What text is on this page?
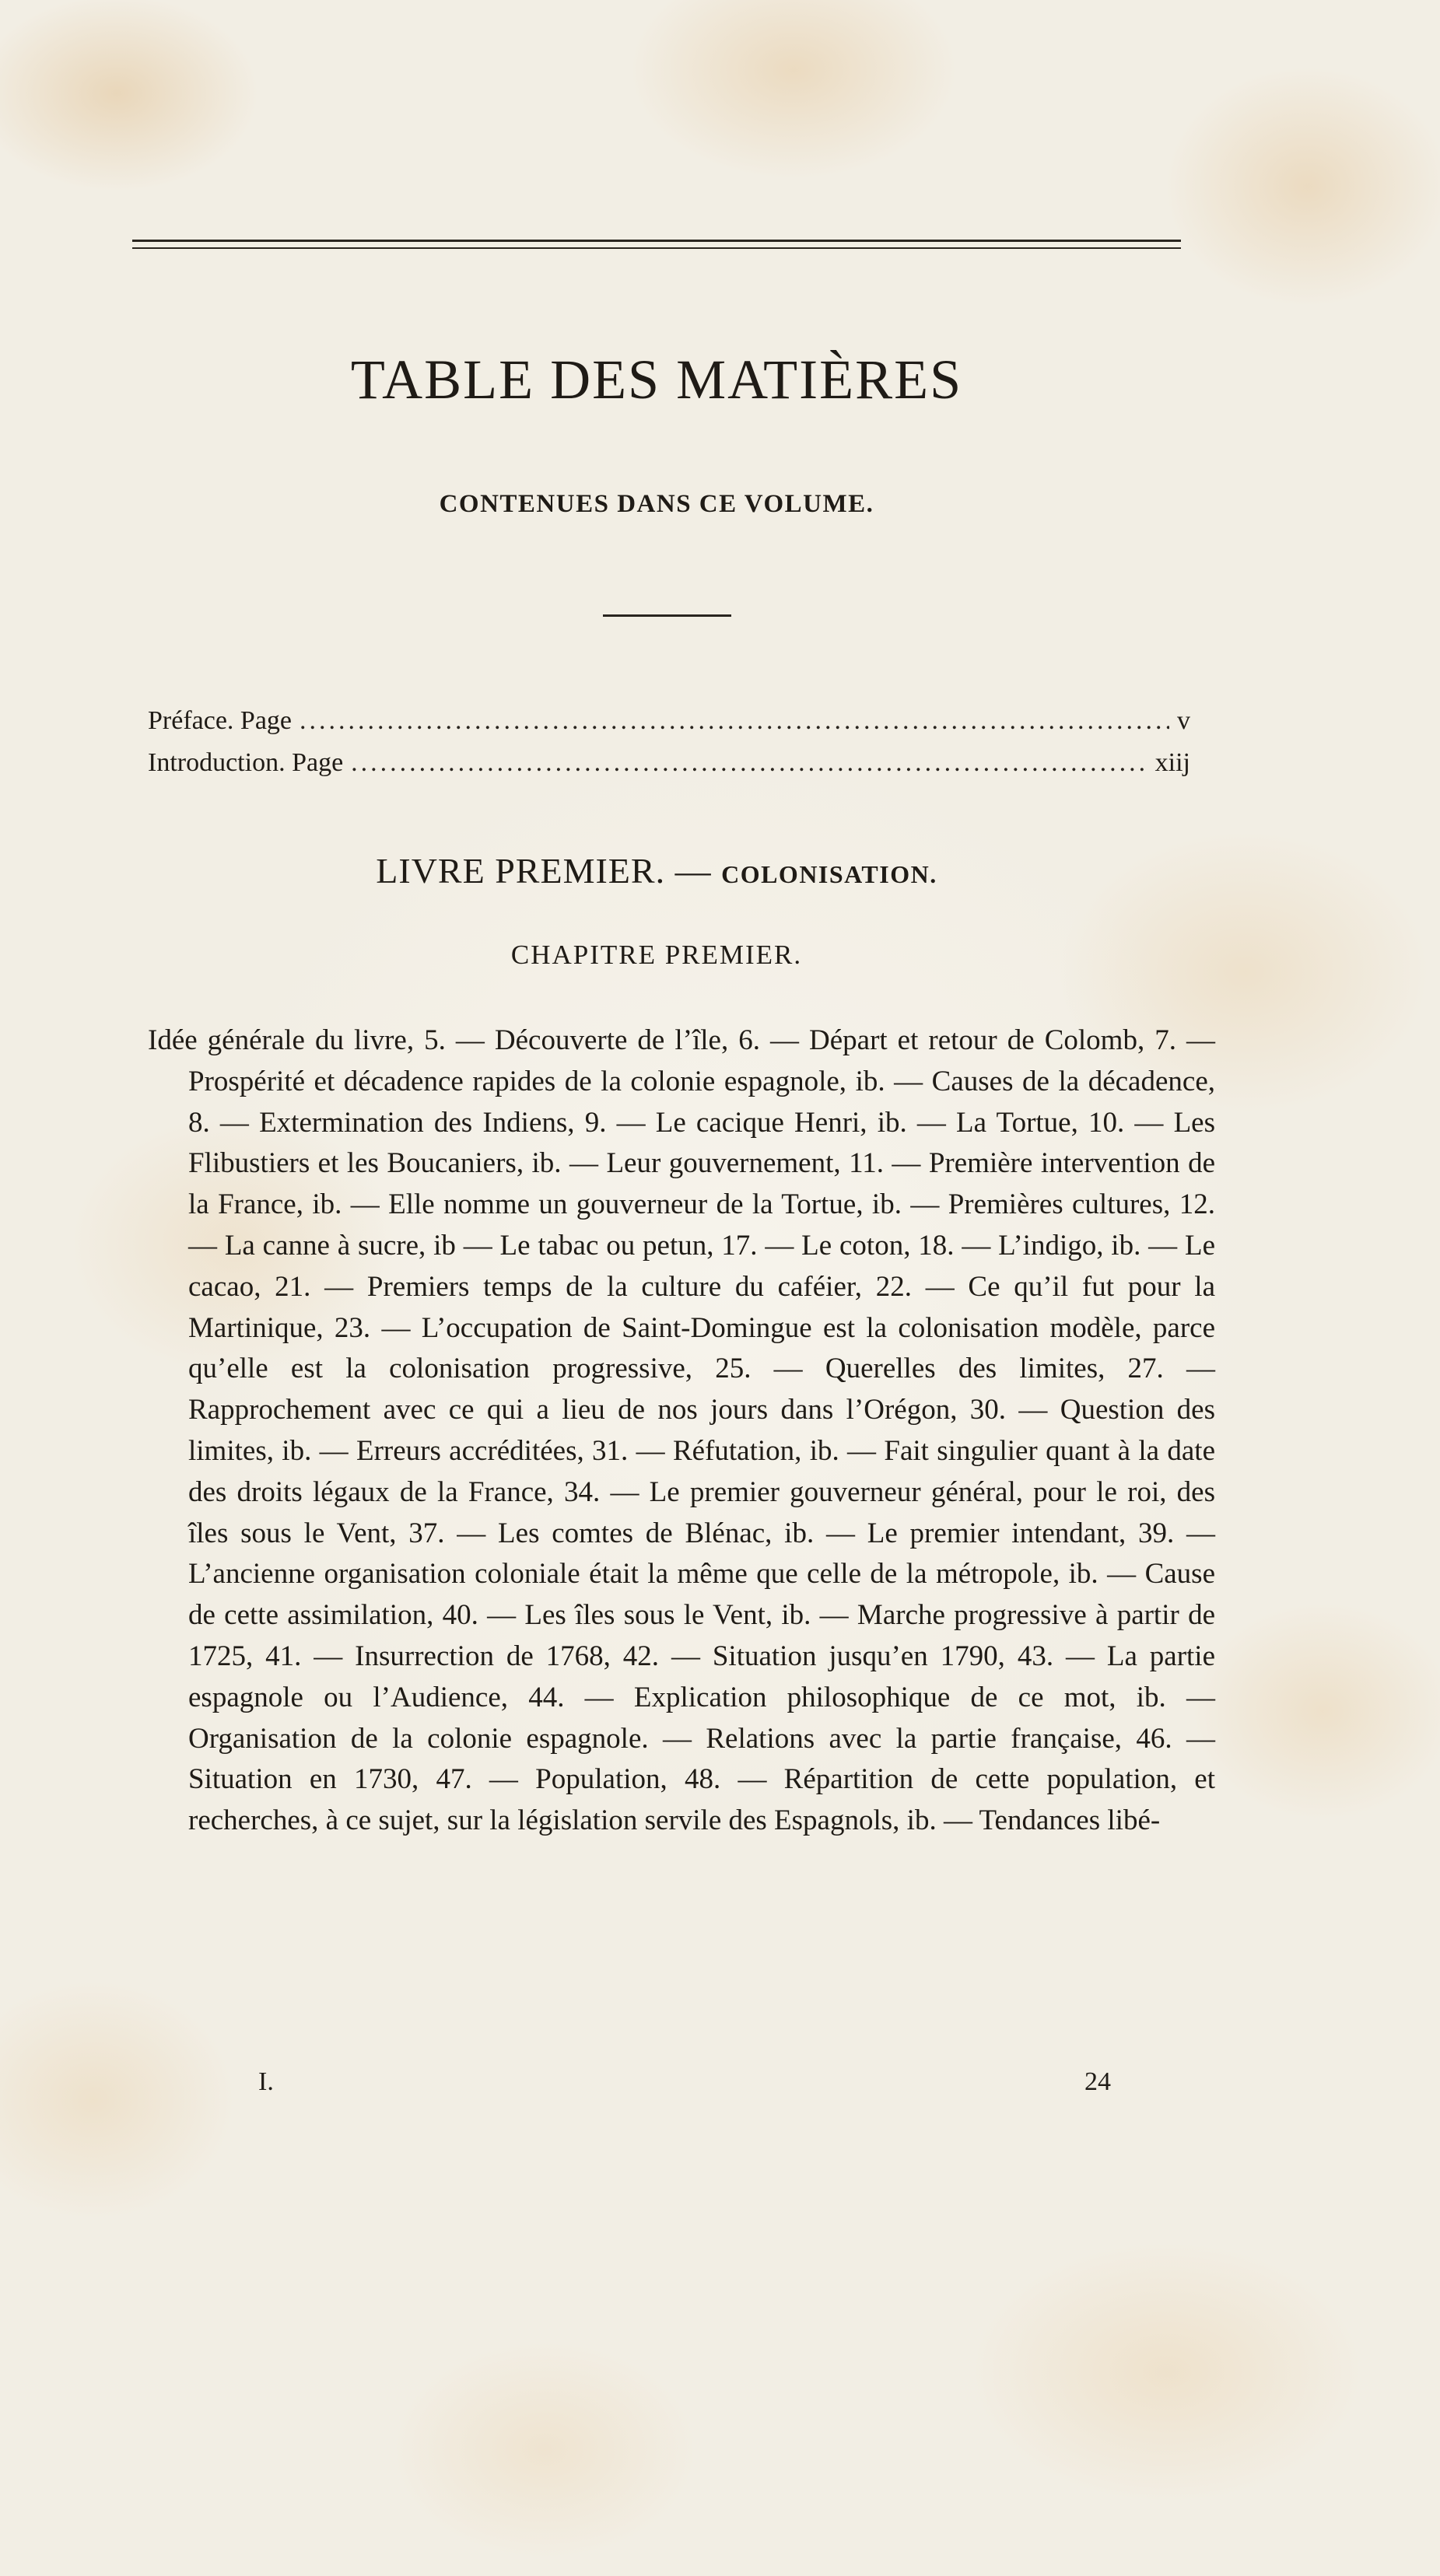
TABLE DES MATIÈRES
CONTENUES DANS CE VOLUME.
Préface. Page .....	v
Introduction. Page .....	xiij
LIVRE PREMIER. — COLONISATION.
CHAPITRE PREMIER.
Idée générale du livre, 5. — Découverte de l’île, 6. — Départ et retour de Colomb, 7. — Prospérité et décadence rapides de la colonie espagnole, ib. — Causes de la décadence, 8. — Extermination des Indiens, 9. — Le cacique Henri, ib. — La Tortue, 10. — Les Flibustiers et les Boucaniers, ib. — Leur gouvernement, 11. — Première intervention de la France, ib. — Elle nomme un gouverneur de la Tortue, ib. — Premières cultures, 12. — La canne à sucre, ib — Le tabac ou petun, 17. — Le coton, 18. — L’indigo, ib. — Le cacao, 21. — Premiers temps de la culture du caféier, 22. — Ce qu’il fut pour la Martinique, 23. — L’occupation de Saint-Domingue est la colonisation modèle, parce qu’elle est la colonisation progressive, 25. — Querelles des limites, 27. — Rapprochement avec ce qui a lieu de nos jours dans l’Orégon, 30. — Question des limites, ib. — Erreurs accréditées, 31. — Réfutation, ib. — Fait singulier quant à la date des droits légaux de la France, 34. — Le premier gouverneur général, pour le roi, des îles sous le Vent, 37. — Les comtes de Blénac, ib. — Le premier intendant, 39. — L’ancienne organisation coloniale était la même que celle de la métropole, ib. — Cause de cette assimilation, 40. — Les îles sous le Vent, ib. — Marche progressive à partir de 1725, 41. — Insurrection de 1768, 42. — Situation jusqu’en 1790, 43. — La partie espagnole ou l’Audience, 44. — Explication philosophique de ce mot, ib. — Organisation de la colonie espagnole. — Relations avec la partie française, 46. — Situation en 1730, 47. — Population, 48. — Répartition de cette population, et recherches, à ce sujet, sur la législation servile des Espagnols, ib. — Tendances libé-
I.	24
